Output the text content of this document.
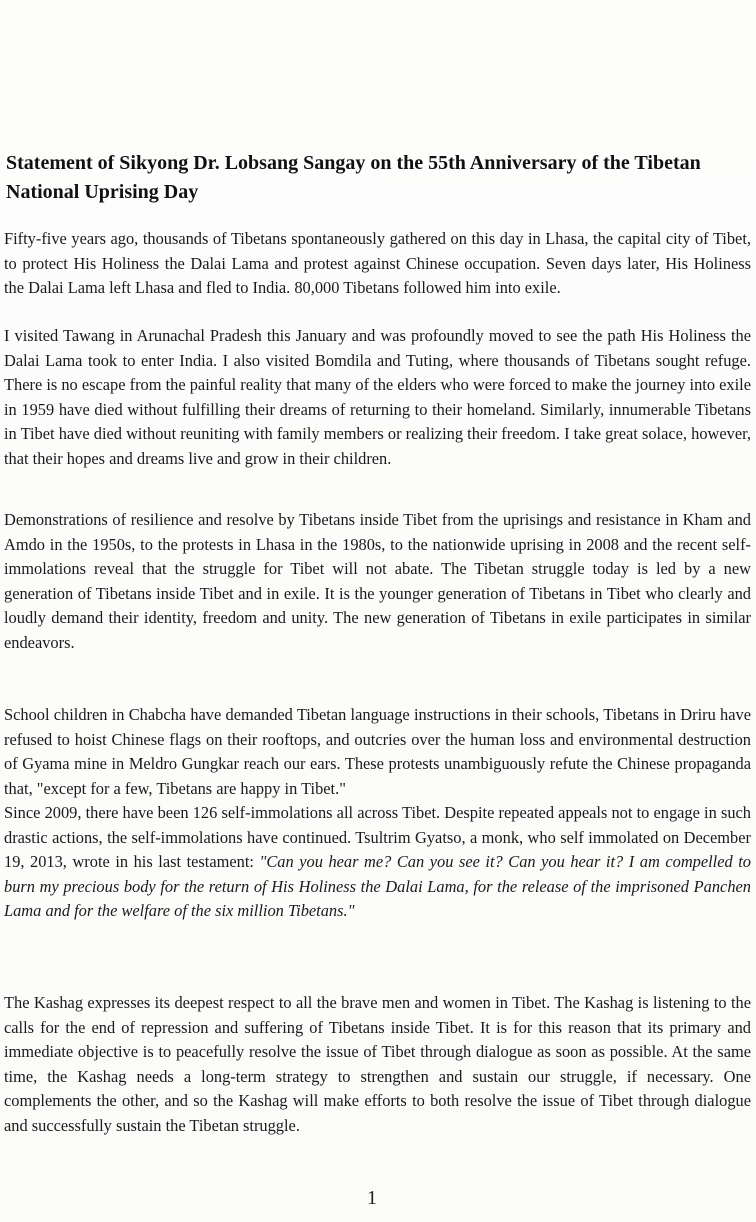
Statement of Sikyong Dr. Lobsang Sangay on the 55th Anniversary of the Tibetan National Uprising Day

Fifty-five years ago, thousands of Tibetans spontaneously gathered on this day in Lhasa, the capital city of Tibet, to protect His Holiness the Dalai Lama and protest against Chinese occupation. Seven days later, His Holiness the Dalai Lama left Lhasa and fled to India. 80,000 Tibetans followed him into exile.

I visited Tawang in Arunachal Pradesh this January and was profoundly moved to see the path His Holiness the Dalai Lama took to enter India. I also visited Bomdila and Tuting, where thousands of Tibetans sought refuge. There is no escape from the painful reality that many of the elders who were forced to make the journey into exile in 1959 have died without fulfilling their dreams of returning to their homeland. Similarly, innumerable Tibetans in Tibet have died without reuniting with family members or realizing their freedom. I take great solace, however, that their hopes and dreams live and grow in their children.

Demonstrations of resilience and resolve by Tibetans inside Tibet from the uprisings and resistance in Kham and Amdo in the 1950s, to the protests in Lhasa in the 1980s, to the nationwide uprising in 2008 and the recent self-immolations reveal that the struggle for Tibet will not abate. The Tibetan struggle today is led by a new generation of Tibetans inside Tibet and in exile. It is the younger generation of Tibetans in Tibet who clearly and loudly demand their identity, freedom and unity. The new generation of Tibetans in exile participates in similar endeavors.

School children in Chabcha have demanded Tibetan language instructions in their schools, Tibetans in Driru have refused to hoist Chinese flags on their rooftops, and outcries over the human loss and environmental destruction of Gyama mine in Meldro Gungkar reach our ears. These protests unambiguously refute the Chinese propaganda that, "except for a few, Tibetans are happy in Tibet."

Since 2009, there have been 126 self-immolations all across Tibet. Despite repeated appeals not to engage in such drastic actions, the self-immolations have continued. Tsultrim Gyatso, a monk, who self immolated on December 19, 2013, wrote in his last testament: "Can you hear me? Can you see it? Can you hear it? I am compelled to burn my precious body for the return of His Holiness the Dalai Lama, for the release of the imprisoned Panchen Lama and for the welfare of the six million Tibetans."

The Kashag expresses its deepest respect to all the brave men and women in Tibet. The Kashag is listening to the calls for the end of repression and suffering of Tibetans inside Tibet. It is for this reason that its primary and immediate objective is to peacefully resolve the issue of Tibet through dialogue as soon as possible. At the same time, the Kashag needs a long-term strategy to strengthen and sustain our struggle, if necessary. One complements the other, and so the Kashag will make efforts to both resolve the issue of Tibet through dialogue and successfully sustain the Tibetan struggle.

1
